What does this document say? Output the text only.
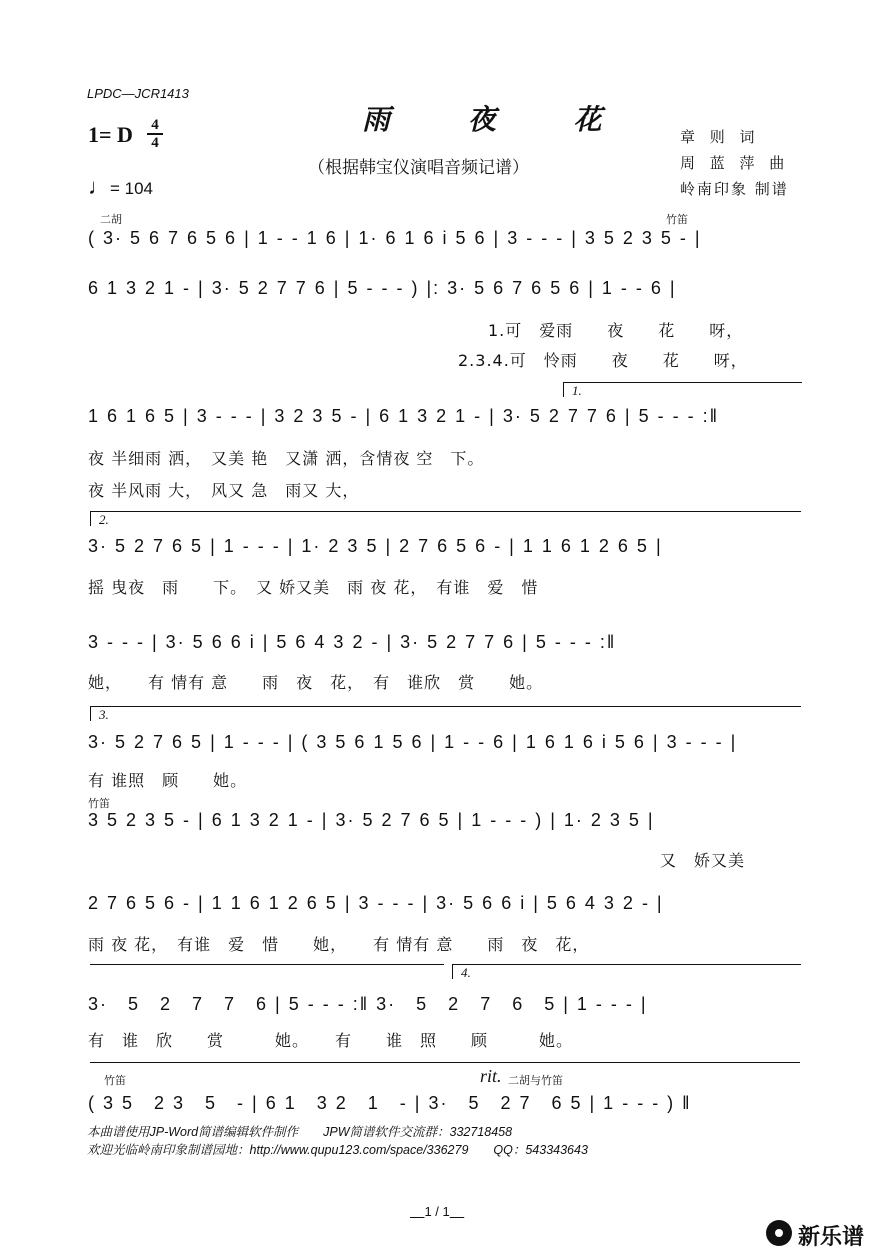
LPDC—JCR1413
雨 夜 花
（根据韩宝仪演唱音频记谱）
1= D 4
4
♩= 104
章 则 词
周 蓝 萍 曲
岭南印象 制谱
二胡	竹笛
( 3· 5 6 7 6 5 6 | 1 - - 1 6 | 1· 6 1 6 i 5 6 | 3 - - - | 3 5 2 3 5 - |
6 1 3 2 1 - | 3· 5 2 7 7 6 | 5 - - - ) |: 3· 5 6 7 6 5 6 | 1 - - 6 |
1.可　爱雨　　夜　　花　　呀，
2.3.4.可　怜雨　　夜　　花　　呀，
1.
1 6 1 6 5 | 3 - - - | 3 2 3 5 - | 6 1 3 2 1 - | 3· 5 2 7 7 6 | 5 - - - :‖
夜 半细雨 洒，　又美 艳　又潇 洒，含情夜 空　下。
夜 半风雨 大，　风又 急　雨又 大，
2.
3· 5 2 7 6 5 | 1 - - - | 1· 2 3 5 | 2 7 6 5 6 - | 1 1 6 1 2 6 5 |
摇 曳夜　雨　　下。　又 娇又美　雨 夜 花，　有谁　爱　惜
3 - - - | 3· 5 6 6 i | 5 6 4 3 2 - | 3· 5 2 7 7 6 | 5 - - - :‖
她，　　有 情有 意　　雨　夜　花，　有　谁欣　赏　　她。
3.
3· 5 2 7 6 5 | 1 - - - | ( 3 5 6 1 5 6 | 1 - - 6 | 1 6 1 6 i 5 6 | 3 - - - |
有 谁照　顾　　她。
竹笛
3 5 2 3 5 - | 6 1 3 2 1 - | 3· 5 2 7 6 5 | 1 - - - ) | 1· 2 3 5 |
又　娇又美
2 7 6 5 6 - | 1 1 6 1 2 6 5 | 3 - - - | 3· 5 6 6 i | 5 6 4 3 2 - |
雨 夜 花，　有谁　爱　惜　　她，　　有 情有 意　　雨　夜　花，
4.
3·　5　2　7　7　6 | 5 - - - :‖ 3·　5　2　7　6　5 | 1 - - - |
有　谁　欣　　赏　　　她。　　有　　谁　照　　顾　　　她。
竹笛	rit. 二胡与竹笛
( 3 5　2 3　5　- | 6 1　3 2　1　- | 3·　5　2 7　6 5 | 1 - - - ) ‖
本曲谱使用JP-Word简谱编辑软件制作　　JPW简谱软件交流群：332718458
欢迎光临岭南印象制谱园地：http://www.qupu123.com/space/336279　　QQ：543343643
1 / 1
新乐谱
